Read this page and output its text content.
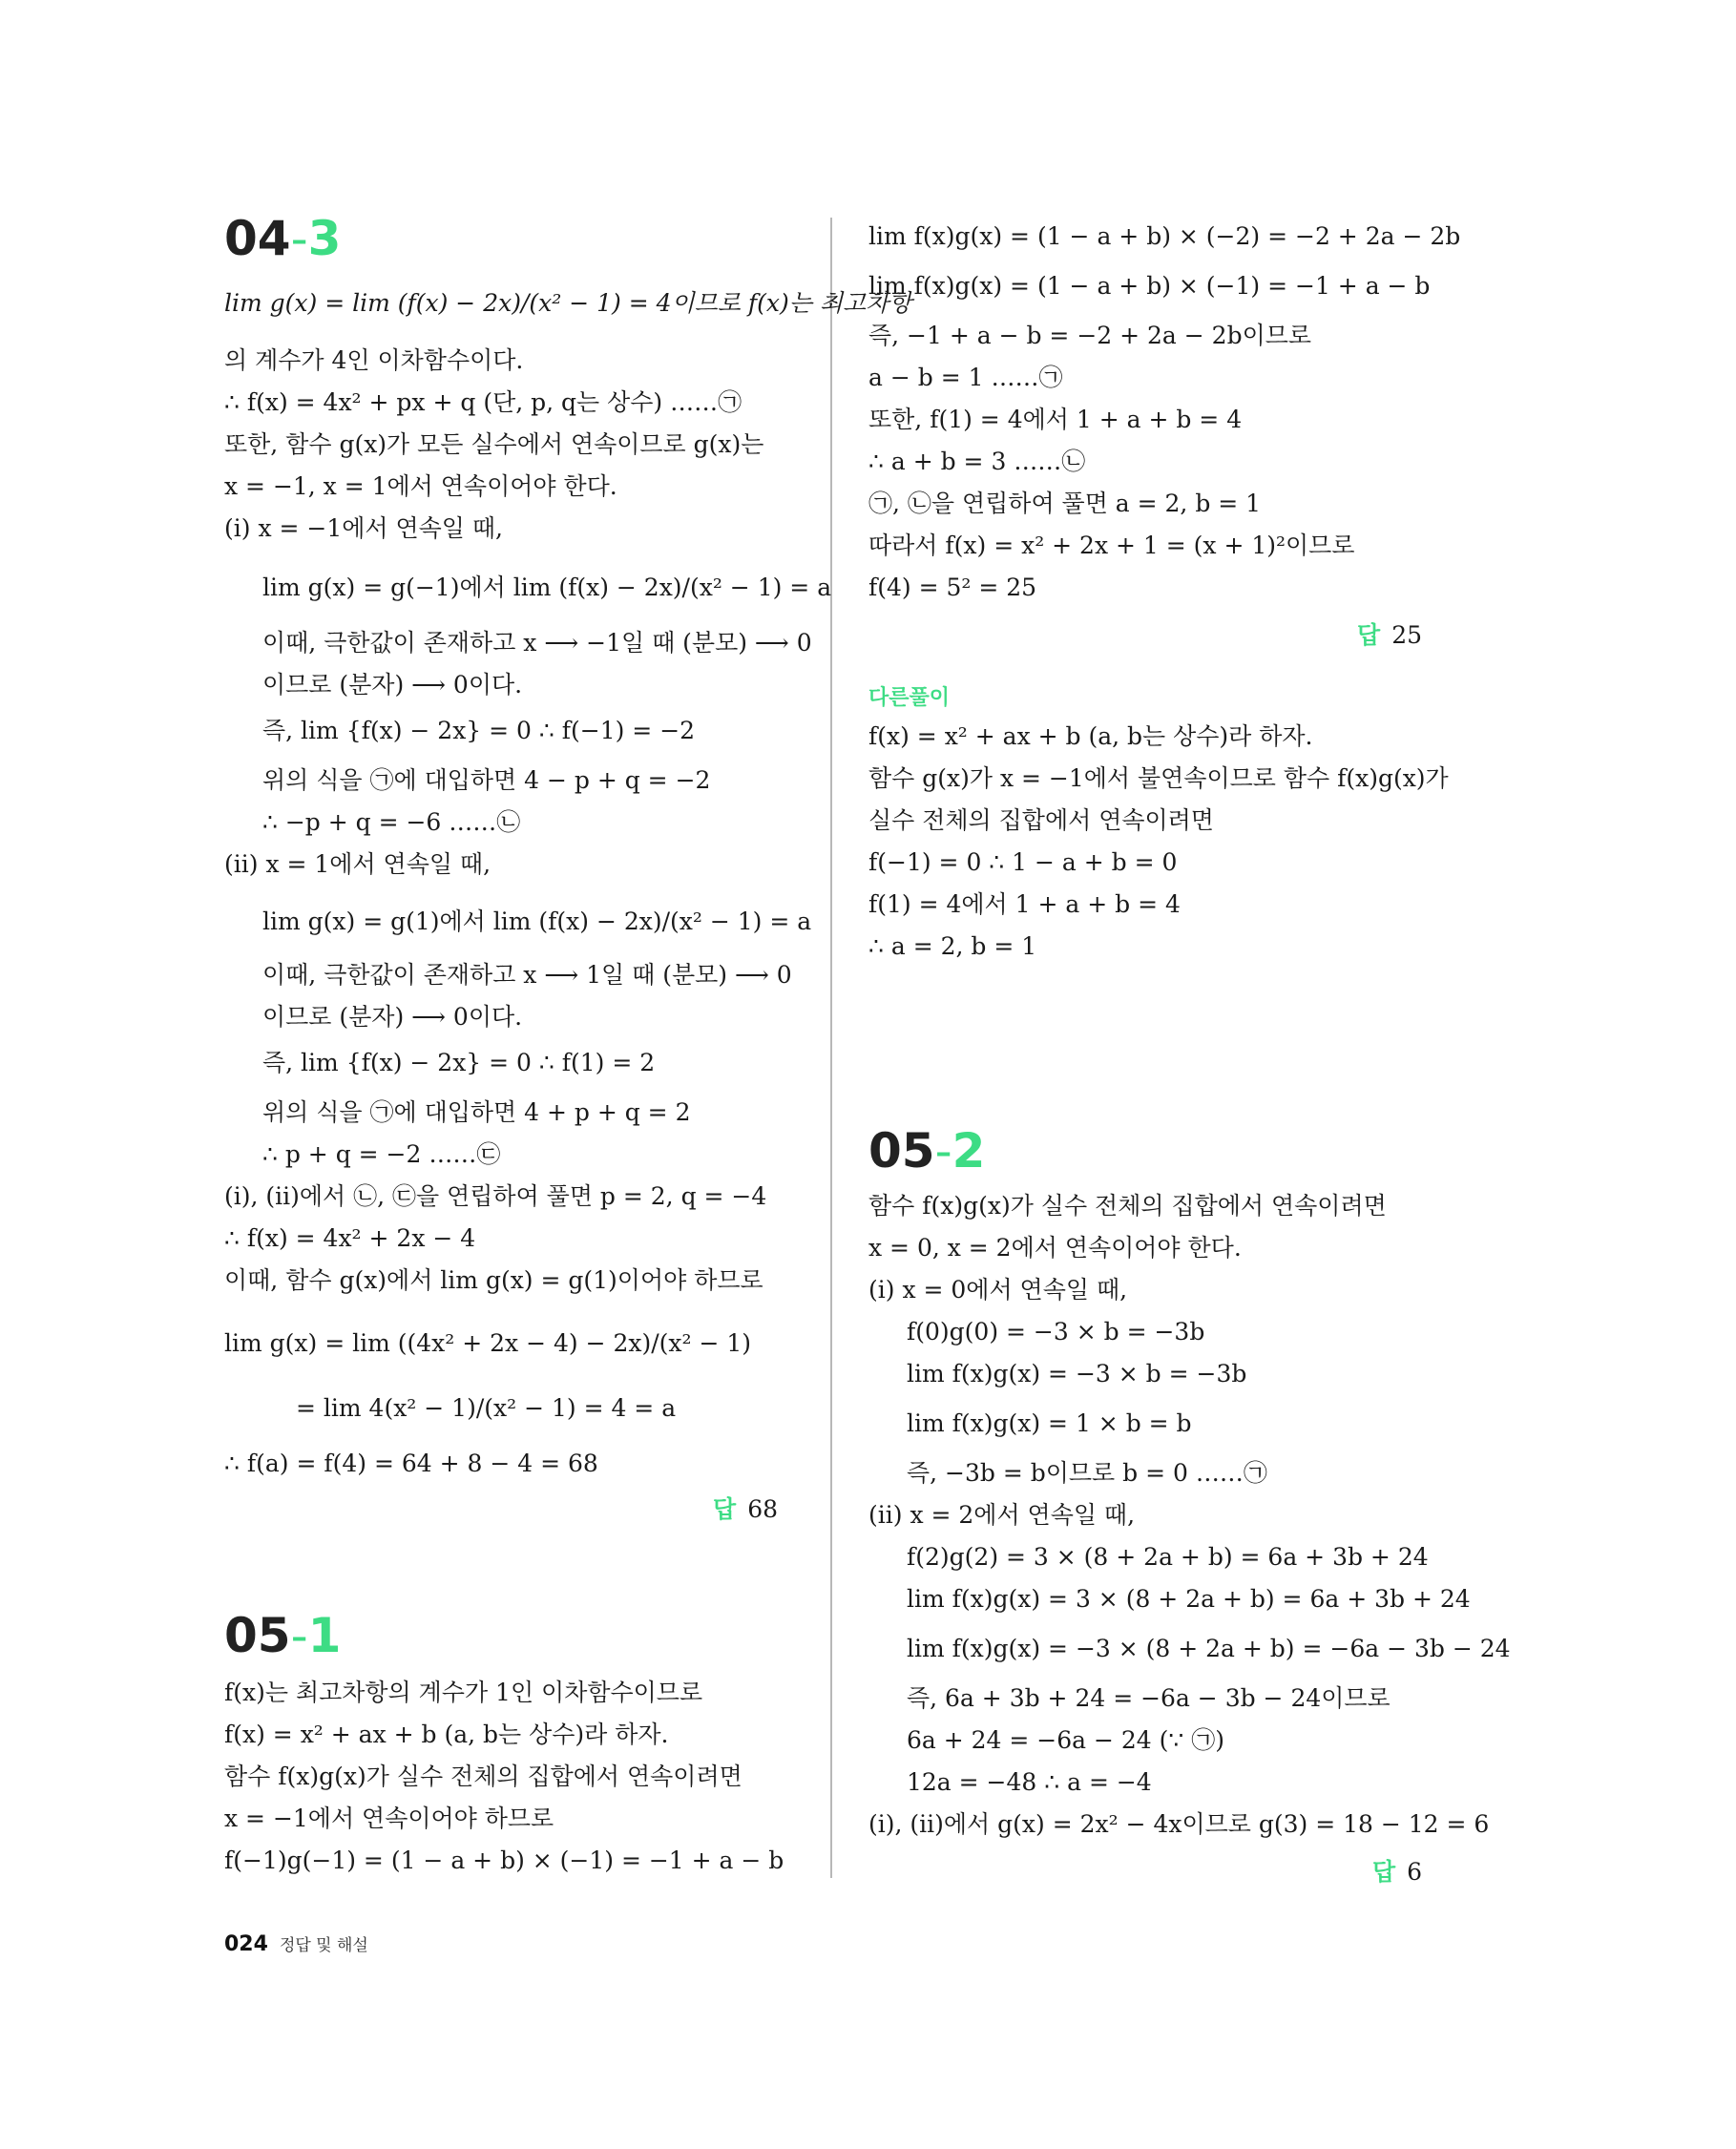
04-3
lim g(x) = lim (f(x) − 2x)/(x² − 1) = 4이므로 f(x)는 최고차항
의 계수가 4인 이차함수이다.
∴ f(x) = 4x² + px + q (단, p, q는 상수) ……㉠
또한, 함수 g(x)가 모든 실수에서 연속이므로 g(x)는
x = −1, x = 1에서 연속이어야 한다.
(ⅰ) x = −1에서 연속일 때,
lim g(x) = g(−1)에서 lim (f(x) − 2x)/(x² − 1) = a
이때, 극한값이 존재하고 x ⟶ −1일 때 (분모) ⟶ 0
이므로 (분자) ⟶ 0이다.
즉, lim {f(x) − 2x} = 0 ∴ f(−1) = −2
위의 식을 ㉠에 대입하면 4 − p + q = −2
∴ −p + q = −6 ……㉡
(ⅱ) x = 1에서 연속일 때,
lim g(x) = g(1)에서 lim (f(x) − 2x)/(x² − 1) = a
이때, 극한값이 존재하고 x ⟶ 1일 때 (분모) ⟶ 0
이므로 (분자) ⟶ 0이다.
즉, lim {f(x) − 2x} = 0 ∴ f(1) = 2
위의 식을 ㉠에 대입하면 4 + p + q = 2
∴ p + q = −2 ……㉢
(ⅰ), (ⅱ)에서 ㉡, ㉢을 연립하여 풀면 p = 2, q = −4
∴ f(x) = 4x² + 2x − 4
이때, 함수 g(x)에서 lim g(x) = g(1)이어야 하므로
lim g(x) = lim ((4x² + 2x − 4) − 2x)/(x² − 1)
= lim 4(x² − 1)/(x² − 1) = 4 = a
∴ f(a) = f(4) = 64 + 8 − 4 = 68
답 68
05-1
f(x)는 최고차항의 계수가 1인 이차함수이므로
f(x) = x² + ax + b (a, b는 상수)라 하자.
함수 f(x)g(x)가 실수 전체의 집합에서 연속이려면
x = −1에서 연속이어야 하므로
f(−1)g(−1) = (1 − a + b) × (−1) = −1 + a − b
lim f(x)g(x) = (1 − a + b) × (−2) = −2 + 2a − 2b
lim f(x)g(x) = (1 − a + b) × (−1) = −1 + a − b
즉, −1 + a − b = −2 + 2a − 2b이므로
a − b = 1 ……㉠
또한, f(1) = 4에서 1 + a + b = 4
∴ a + b = 3 ……㉡
㉠, ㉡을 연립하여 풀면 a = 2, b = 1
따라서 f(x) = x² + 2x + 1 = (x + 1)²이므로
f(4) = 5² = 25
답 25
다른풀이
f(x) = x² + ax + b (a, b는 상수)라 하자.
함수 g(x)가 x = −1에서 불연속이므로 함수 f(x)g(x)가
실수 전체의 집합에서 연속이려면
f(−1) = 0 ∴ 1 − a + b = 0
f(1) = 4에서 1 + a + b = 4
∴ a = 2, b = 1
05-2
함수 f(x)g(x)가 실수 전체의 집합에서 연속이려면
x = 0, x = 2에서 연속이어야 한다.
(ⅰ) x = 0에서 연속일 때,
f(0)g(0) = −3 × b = −3b
lim f(x)g(x) = −3 × b = −3b
lim f(x)g(x) = 1 × b = b
즉, −3b = b이므로 b = 0 ……㉠
(ⅱ) x = 2에서 연속일 때,
f(2)g(2) = 3 × (8 + 2a + b) = 6a + 3b + 24
lim f(x)g(x) = 3 × (8 + 2a + b) = 6a + 3b + 24
lim f(x)g(x) = −3 × (8 + 2a + b) = −6a − 3b − 24
즉, 6a + 3b + 24 = −6a − 3b − 24이므로
6a + 24 = −6a − 24 (∵ ㉠)
12a = −48 ∴ a = −4
(ⅰ), (ⅱ)에서 g(x) = 2x² − 4x이므로 g(3) = 18 − 12 = 6
답 6
024 정답 및 해설
